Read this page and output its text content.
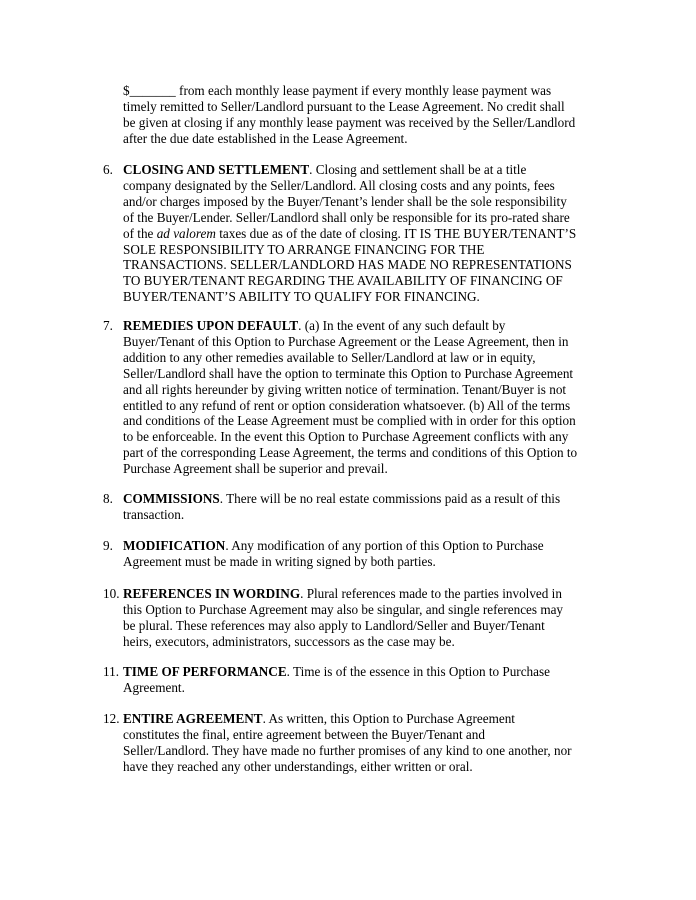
$_______ from each monthly lease payment if every monthly lease payment was
timely remitted to Seller/Landlord pursuant to the Lease Agreement. No credit shall
be given at closing if any monthly lease payment was received by the Seller/Landlord
after the due date established in the Lease Agreement.

6. CLOSING AND SETTLEMENT. Closing and settlement shall be at a title
company designated by the Seller/Landlord. All closing costs and any points, fees
and/or charges imposed by the Buyer/Tenant’s lender shall be the sole responsibility
of the Buyer/Lender. Seller/Landlord shall only be responsible for its pro-rated share
of the ad valorem taxes due as of the date of closing. IT IS THE BUYER/TENANT’S
SOLE RESPONSIBILITY TO ARRANGE FINANCING FOR THE
TRANSACTIONS. SELLER/LANDLORD HAS MADE NO REPRESENTATIONS
TO BUYER/TENANT REGARDING THE AVAILABILITY OF FINANCING OF
BUYER/TENANT’S ABILITY TO QUALIFY FOR FINANCING.

7. REMEDIES UPON DEFAULT. (a) In the event of any such default by
Buyer/Tenant of this Option to Purchase Agreement or the Lease Agreement, then in
addition to any other remedies available to Seller/Landlord at law or in equity,
Seller/Landlord shall have the option to terminate this Option to Purchase Agreement
and all rights hereunder by giving written notice of termination. Tenant/Buyer is not
entitled to any refund of rent or option consideration whatsoever. (b) All of the terms
and conditions of the Lease Agreement must be complied with in order for this option
to be enforceable. In the event this Option to Purchase Agreement conflicts with any
part of the corresponding Lease Agreement, the terms and conditions of this Option to
Purchase Agreement shall be superior and prevail.

8. COMMISSIONS. There will be no real estate commissions paid as a result of this
transaction.

9. MODIFICATION. Any modification of any portion of this Option to Purchase
Agreement must be made in writing signed by both parties.

10. REFERENCES IN WORDING. Plural references made to the parties involved in
this Option to Purchase Agreement may also be singular, and single references may
be plural. These references may also apply to Landlord/Seller and Buyer/Tenant
heirs, executors, administrators, successors as the case may be.

11. TIME OF PERFORMANCE. Time is of the essence in this Option to Purchase
Agreement.

12. ENTIRE AGREEMENT. As written, this Option to Purchase Agreement
constitutes the final, entire agreement between the Buyer/Tenant and
Seller/Landlord. They have made no further promises of any kind to one another, nor
have they reached any other understandings, either written or oral.
